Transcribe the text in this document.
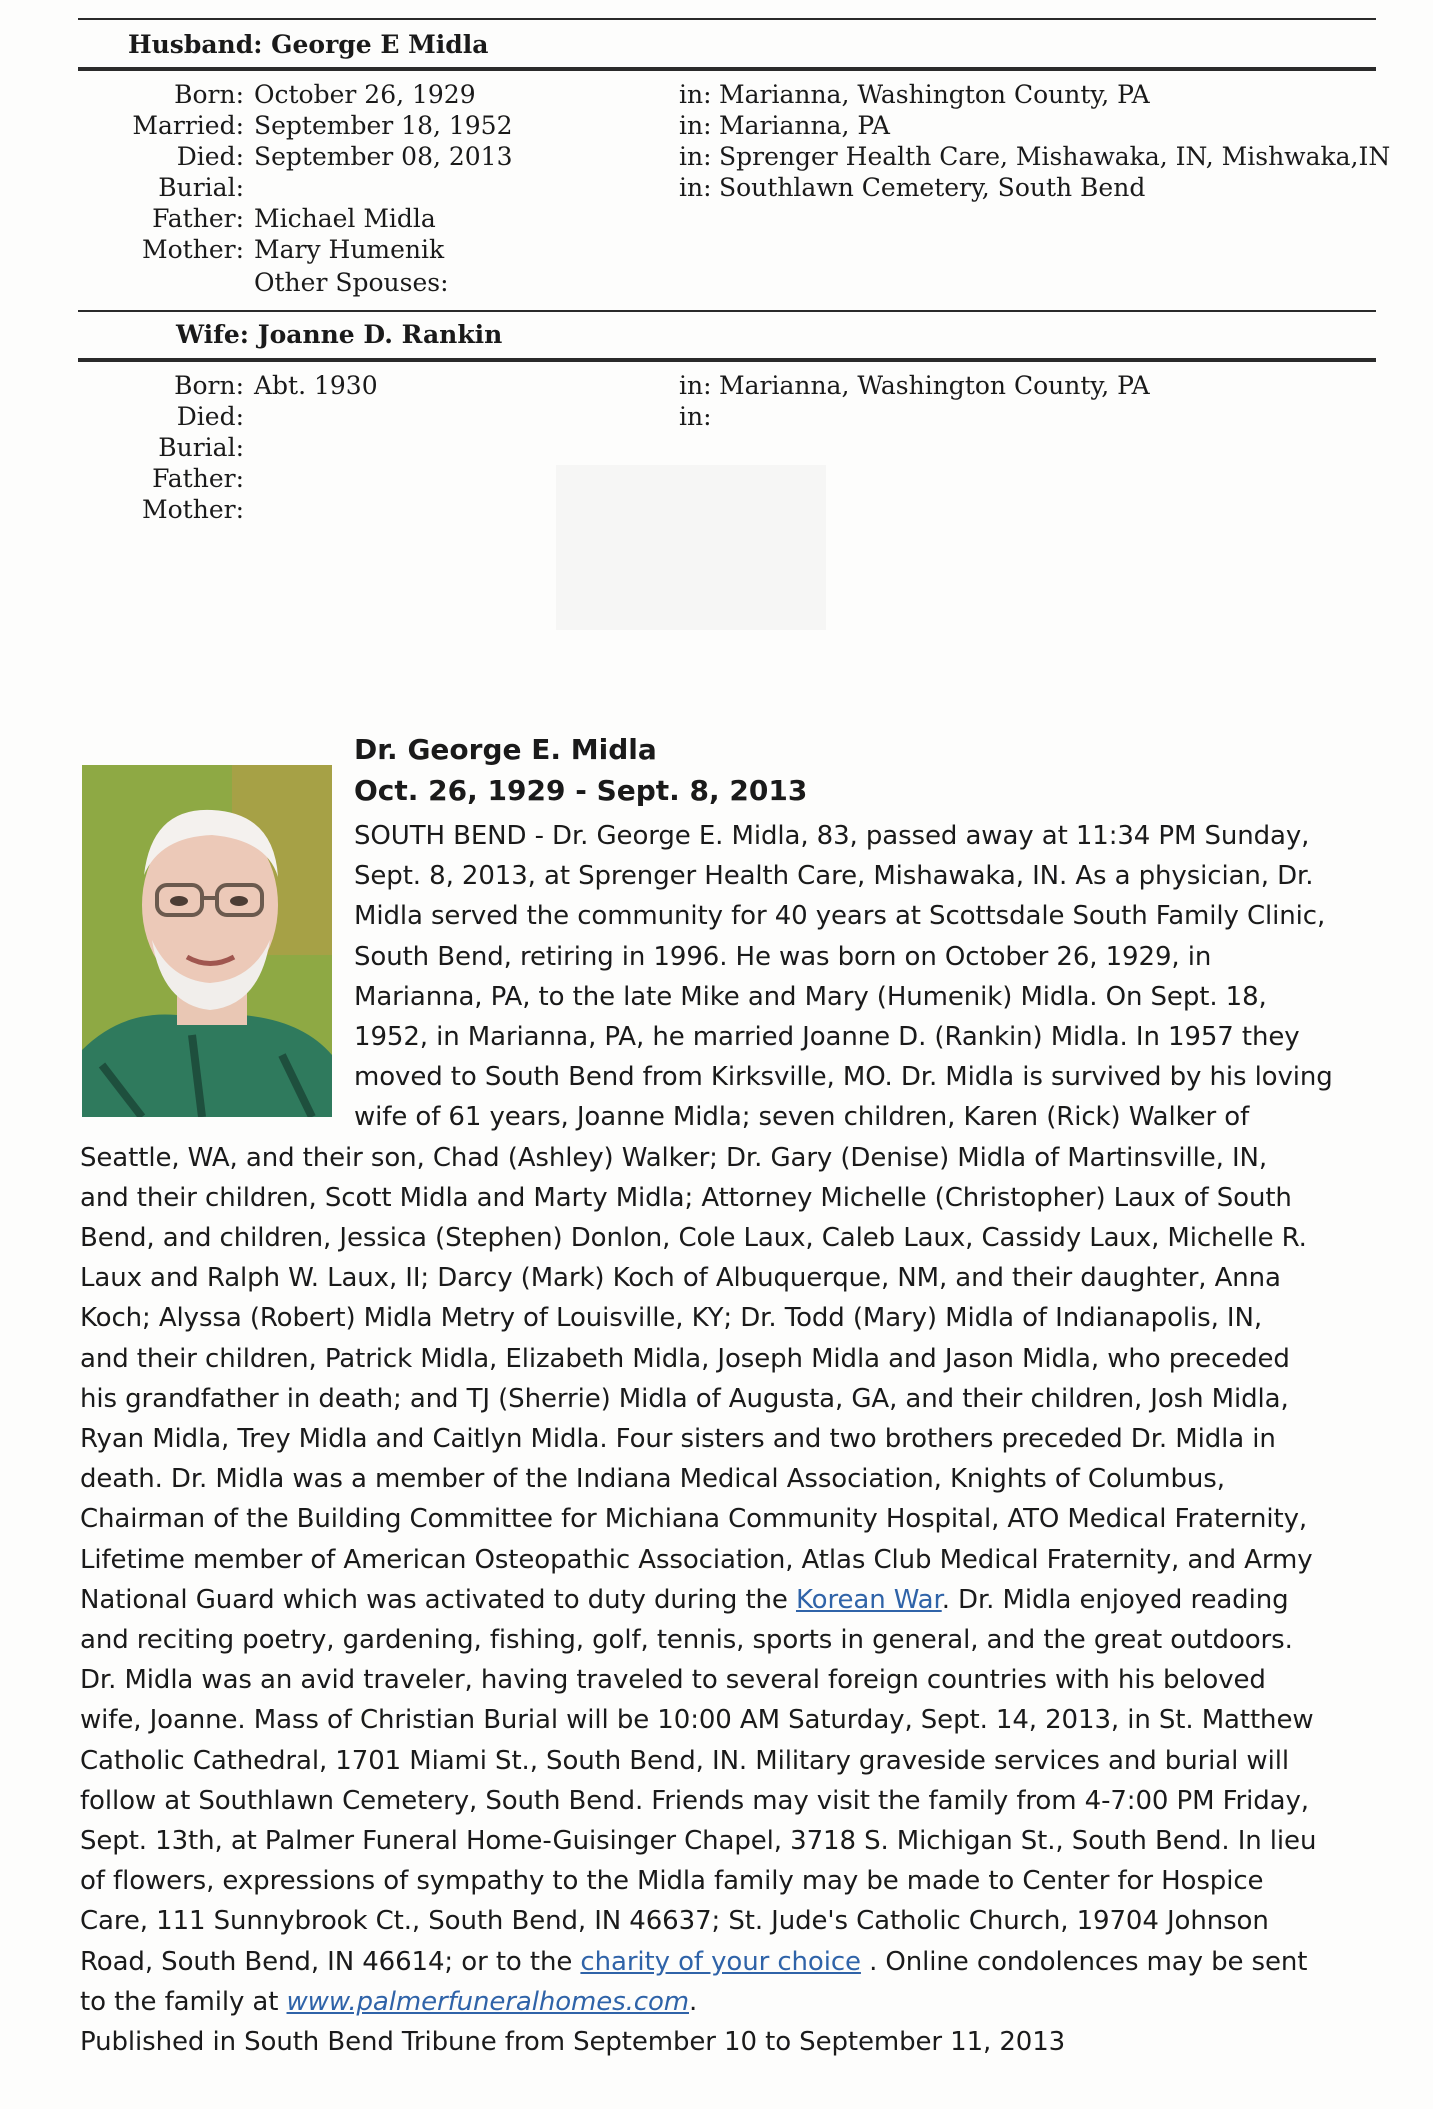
Husband: George E Midla
Born: October 26, 1929	in: Marianna, Washington County, PA
Married: September 18, 1952	in: Marianna, PA
Died: September 08, 2013	in: Sprenger Health Care, Mishawaka, IN, Mishwaka,IN
Burial:	in: Southlawn Cemetery, South Bend
Father: Michael Midla
Mother: Mary Humenik
Other Spouses:
Wife: Joanne D. Rankin
Born: Abt. 1930	in: Marianna, Washington County, PA
Died:	in:
Burial:
Father:
Mother:
Dr. George E. Midla
Oct. 26, 1929 - Sept. 8, 2013
SOUTH BEND - Dr. George E. Midla, 83, passed away at 11:34 PM Sunday,
Sept. 8, 2013, at Sprenger Health Care, Mishawaka, IN. As a physician, Dr.
Midla served the community for 40 years at Scottsdale South Family Clinic,
South Bend, retiring in 1996. He was born on October 26, 1929, in
Marianna, PA, to the late Mike and Mary (Humenik) Midla. On Sept. 18,
1952, in Marianna, PA, he married Joanne D. (Rankin) Midla. In 1957 they
moved to South Bend from Kirksville, MO. Dr. Midla is survived by his loving
wife of 61 years, Joanne Midla; seven children, Karen (Rick) Walker of
Seattle, WA, and their son, Chad (Ashley) Walker; Dr. Gary (Denise) Midla of Martinsville, IN,
and their children, Scott Midla and Marty Midla; Attorney Michelle (Christopher) Laux of South
Bend, and children, Jessica (Stephen) Donlon, Cole Laux, Caleb Laux, Cassidy Laux, Michelle R.
Laux and Ralph W. Laux, II; Darcy (Mark) Koch of Albuquerque, NM, and their daughter, Anna
Koch; Alyssa (Robert) Midla Metry of Louisville, KY; Dr. Todd (Mary) Midla of Indianapolis, IN,
and their children, Patrick Midla, Elizabeth Midla, Joseph Midla and Jason Midla, who preceded
his grandfather in death; and TJ (Sherrie) Midla of Augusta, GA, and their children, Josh Midla,
Ryan Midla, Trey Midla and Caitlyn Midla. Four sisters and two brothers preceded Dr. Midla in
death. Dr. Midla was a member of the Indiana Medical Association, Knights of Columbus,
Chairman of the Building Committee for Michiana Community Hospital, ATO Medical Fraternity,
Lifetime member of American Osteopathic Association, Atlas Club Medical Fraternity, and Army
National Guard which was activated to duty during the Korean War. Dr. Midla enjoyed reading
and reciting poetry, gardening, fishing, golf, tennis, sports in general, and the great outdoors.
Dr. Midla was an avid traveler, having traveled to several foreign countries with his beloved
wife, Joanne. Mass of Christian Burial will be 10:00 AM Saturday, Sept. 14, 2013, in St. Matthew
Catholic Cathedral, 1701 Miami St., South Bend, IN. Military graveside services and burial will
follow at Southlawn Cemetery, South Bend. Friends may visit the family from 4-7:00 PM Friday,
Sept. 13th, at Palmer Funeral Home-Guisinger Chapel, 3718 S. Michigan St., South Bend. In lieu
of flowers, expressions of sympathy to the Midla family may be made to Center for Hospice
Care, 111 Sunnybrook Ct., South Bend, IN 46637; St. Jude's Catholic Church, 19704 Johnson
Road, South Bend, IN 46614; or to the charity of your choice . Online condolences may be sent
to the family at www.palmerfuneralhomes.com.
Published in South Bend Tribune from September 10 to September 11, 2013
